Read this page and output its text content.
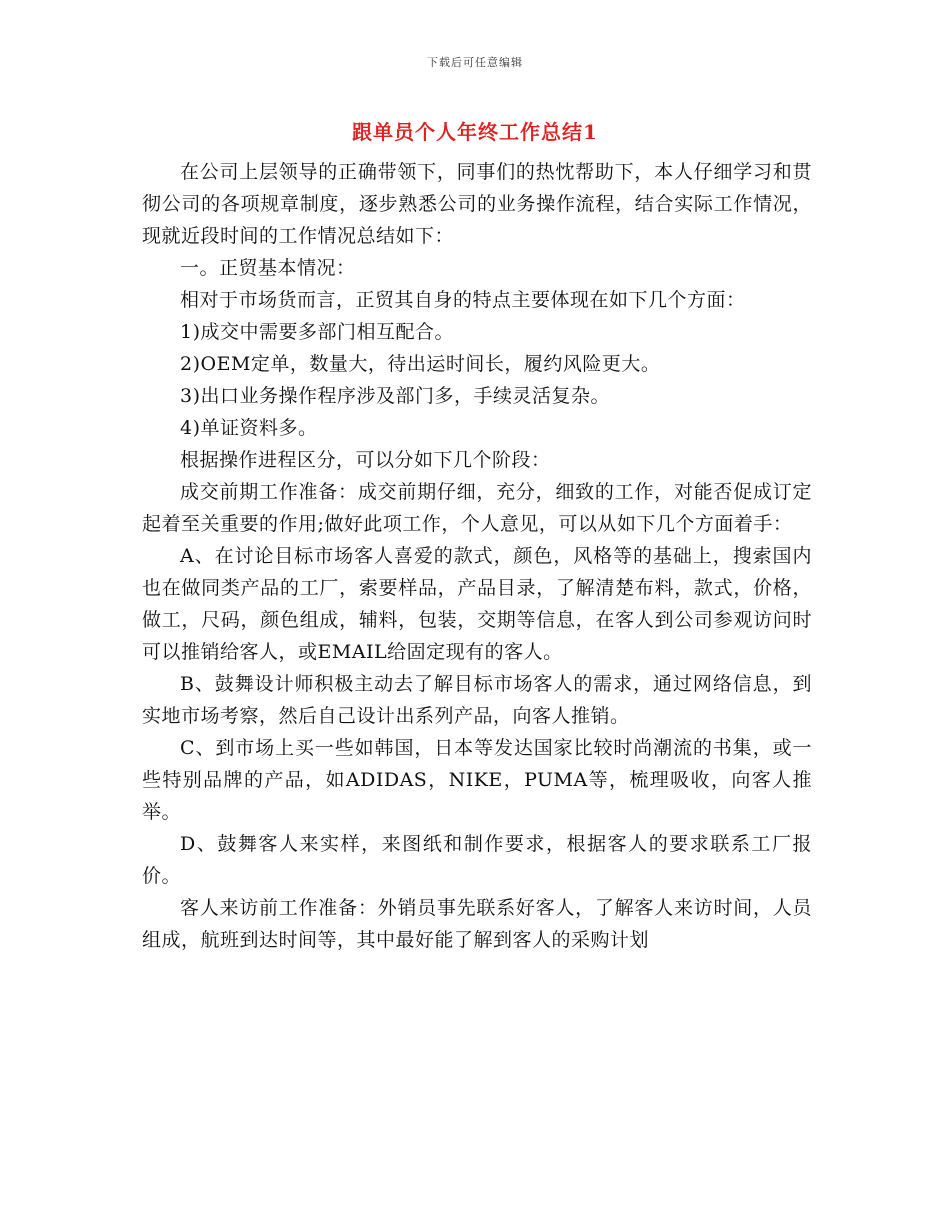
下载后可任意编辑
跟单员个人年终工作总结1

在公司上层领导的正确带领下，同事们的热忱帮助下，本人仔细学习和贯彻公司的各项规章制度，逐步熟悉公司的业务操作流程，结合实际工作情况，现就近段时间的工作情况总结如下：

一。正贸基本情况：

相对于市场货而言，正贸其自身的特点主要体现在如下几个方面：

1)成交中需要多部门相互配合。

2)OEM定单，数量大，待出运时间长，履约风险更大。

3)出口业务操作程序涉及部门多，手续灵活复杂。

4)单证资料多。

根据操作进程区分，可以分如下几个阶段：

成交前期工作准备：成交前期仔细，充分，细致的工作，对能否促成订定起着至关重要的作用;做好此项工作，个人意见，可以从如下几个方面着手：

A、在讨论目标市场客人喜爱的款式，颜色，风格等的基础上，搜索国内也在做同类产品的工厂，索要样品，产品目录，了解清楚布料，款式，价格，做工，尺码，颜色组成，辅料，包装，交期等信息，在客人到公司参观访问时可以推销给客人，或EMAIL给固定现有的客人。

B、鼓舞设计师积极主动去了解目标市场客人的需求，通过网络信息，到实地市场考察，然后自己设计出系列产品，向客人推销。

C、到市场上买一些如韩国，日本等发达国家比较时尚潮流的书集，或一些特别品牌的产品，如ADIDAS，NIKE，PUMA等，梳理吸收，向客人推举。

D、鼓舞客人来实样，来图纸和制作要求，根据客人的要求联系工厂报价。

客人来访前工作准备：外销员事先联系好客人，了解客人来访时间，人员组成，航班到达时间等，其中最好能了解到客人的采购计划
